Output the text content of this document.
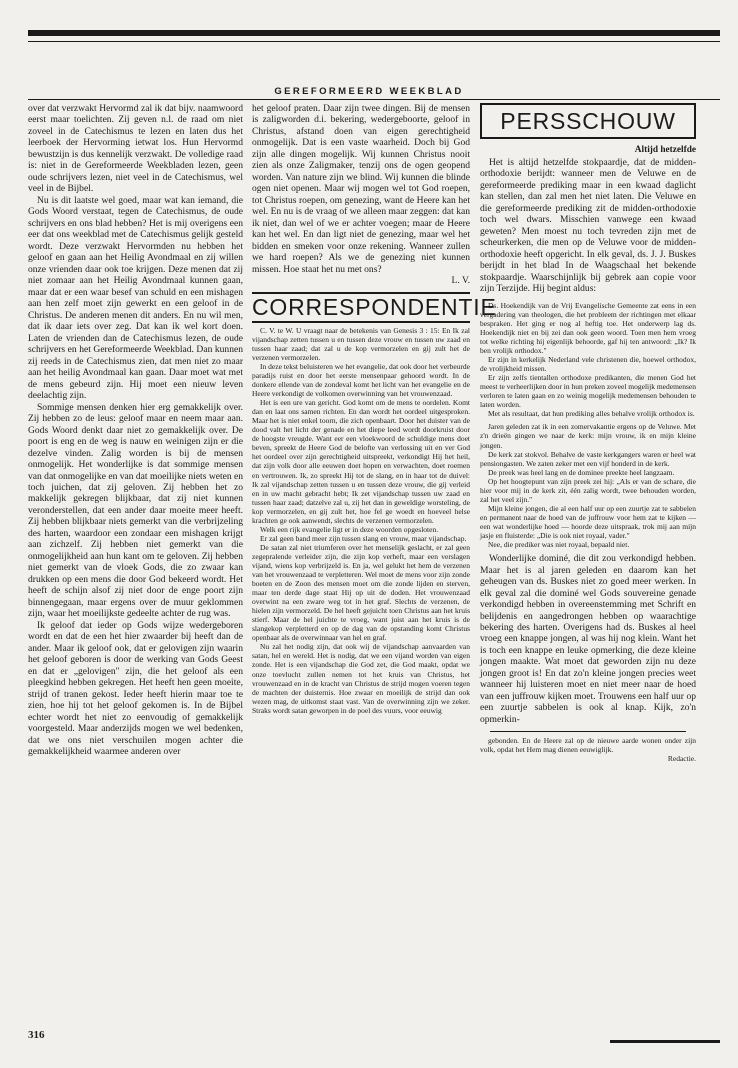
GEREFORMEERD WEEKBLAD

over dat verzwakt Hervormd zal ik dat bijv. naamwoord eerst maar toelichten. Zij geven n.l. de raad om niet zoveel in de Catechismus te lezen en laten dus het leerboek der Hervorming ietwat los. Hun Hervormd bewustzijn is dus kennelijk verzwakt. De volledige raad is: niet in de Gereformeerde Weekbladen lezen, geen oude schrijvers lezen, niet veel in de Catechismus, wel veel in de Bijbel.

Nu is dit laatste wel goed, maar wat kan iemand, die Gods Woord verstaat, tegen de Catechismus, de oude schrijvers en ons blad hebben? Het is mij overigens een eer dat ons weekblad met de Catechismus gelijk gesteld wordt. Deze verzwakt Hervormden nu hebben het geloof en gaan aan het Heilig Avondmaal en zij willen onze vrienden daar ook toe krijgen. Deze menen dat zij niet zomaar aan het Heilig Avondmaal kunnen gaan, maar dat er een waar besef van schuld en een mishagen aan hen zelf moet zijn gewerkt en een geloof in de Christus. De anderen menen dit anders. En nu wil men, dat ik daar iets over zeg. Dat kan ik wel kort doen. Laten de vrienden dan de Catechismus lezen, de oude schrijvers en het Gereformeerde Weekblad. Dan kunnen zij reeds in de Catechismus zien, dat men niet zo maar aan het heilig Avondmaal kan gaan. Daar moet wat met de mens gebeurd zijn. Hij moet een nieuw leven deelachtig zijn.

Sommige mensen denken hier erg gemakkelijk over. Zij hebben zo de leus: geloof maar en neem maar aan. Gods Woord denkt daar niet zo gemakkelijk over. De poort is eng en de weg is nauw en weinigen zijn er die dezelve vinden. Zalig worden is bij de mensen onmogelijk. Het wonderlijke is dat sommige mensen van dat onmogelijke en van dat moeilijke niets weten en toch juichen, dat zij geloven. Zij hebben het zo makkelijk gekregen blijkbaar, dat zij niet kunnen veronderstellen, dat een ander daar moeite meer heeft. Zij hebben blijkbaar niets gemerkt van die verbrijzeling des harten, waardoor een zondaar een mishagen krijgt aan zichzelf. Zij hebben niet gemerkt van die onmogelijkheid aan hun kant om te geloven. Zij hebben niet gemerkt van de vloek Gods, die zo zwaar kan drukken op een mens die door God bekeerd wordt. Het heeft de schijn alsof zij niet door de enge poort zijn binnengegaan, maar ergens over de muur geklommen zijn, waar het moeilijkste gedeelte achter de rug was.

Ik geloof dat ieder op Gods wijze wedergeboren wordt en dat de een het hier zwaarder bij heeft dan de ander. Maar ik geloof ook, dat er gelovigen zijn waarin het geloof geboren is door de werking van Gods Geest en dat er „gelovigen" zijn, die het geloof als een pleegkind hebben gekregen. Het heeft hen geen moeite, strijd of tranen gekost. Ieder heeft hierin maar toe te zien, hoe hij tot het geloof gekomen is. In de Bijbel echter wordt het niet zo eenvoudig of gemakkelijk voorgesteld. Maar anderzijds mogen we wel bedenken, dat we ons niet verschuilen mogen achter die gemakkelijkheid waarmee anderen over

het geloof praten. Daar zijn twee dingen. Bij de mensen is zaligworden d.i. bekering, wedergeboorte, geloof in Christus, afstand doen van eigen gerechtigheid onmogelijk. Dat is een vaste waarheid. Doch bij God zijn alle dingen mogelijk. Wij kunnen Christus nooit zien als onze Zaligmaker, tenzij ons de ogen geopend worden. Van nature zijn we blind. Wij kunnen die blinde ogen niet openen. Maar wij mogen wel tot God roepen, tot Christus roepen, om genezing, want de Heere kan het wel. En nu is de vraag of we alleen maar zeggen: dat kan ik niet, dan wel of we er achter voegen; maar de Heere kan het wel. En dan ligt niet de genezing, maar wel het bidden en smeken voor onze rekening. Wanneer zullen we hard roepen? Als we de genezing niet kunnen missen. Hoe staat het nu met ons?

L. V.

CORRESPONDENTIE

C. V. te W. U vraagt naar de betekenis van Genesis 3 : 15: En Ik zal vijandschap zetten tussen u en tussen deze vrouw en tussen uw zaad en tussen haar zaad; dat zal u de kop vermorzelen en gij zult het de verzenen vermorzelen.

In deze tekst beluisteren we het evangelie, dat ook door het verbeurde paradijs ruist en door het eerste mensenpaar gehoord wordt. In de donkere ellende van de zondeval komt het licht van het evangelie en de Heere verkondigt de volkomen overwinning van het vrouwenzaad.

Het is een ure van gericht. God komt om de mens te oordelen. Komt dan en laat ons samen richten. En dan wordt het oordeel uitgesproken. Maar het is niet enkel toorn, die zich openbaart. Door het duister van de dood valt het licht der genade en het diepe leed wordt doorkruist door de hoogste vreugde. Want eer een vloekwoord de schuldige mens doet beven, spreekt de Heere God de belofte van verlossing uit en ver God het oordeel over zijn gerechtigheid uitspreekt, verkondigt Hij het heil, dat zijn volk door alle eeuwen doet hopen en verwachten, doet roemen en vertrouwen. Ik, zo spreekt Hij tot de slang, en in haar tot de duivel: Ik zal vijandschap zetten tussen u en tussen deze vrouw, die gij verleid en in uw macht gebracht hebt; Ik zet vijandschap tussen uw zaad en tussen haar zaad; datzelve zal u, zij het dan in geweldige worsteling, de kop vermorzelen, en gij zult het, hoe fel ge woedt en hoeveel helse krachten ge ook aanwendt, slechts de verzenen vermorzelen.

Welk een rijk evangelie ligt er in deze woorden opgesloten.

Er zal geen band meer zijn tussen slang en vrouw, maar vijandschap.

De satan zal niet triumferen over het menselijk geslacht, er zal geen zegepralende verleider zijn, die zijn kop verheft, maar een verslagen vijand, wiens kop verbrijzeld is. En ja, wel gelukt het hem de verzenen van het vrouwenzaad te verpletteren. Wel moet de mens voor zijn zonde boeten en de Zoon des mensen moet om die zonde lijden en sterven, maar ten derde dage staat Hij op uit de doden. Het vrouwenzaad overwint na een zware weg tot in het graf. Slechts de verzenen, de hielen zijn vermorzeld. De hel heeft gejuicht toen Christus aan het kruis stierf. Maar de hel juichte te vroeg, want juist aan het kruis is de slangekop verpletterd en op de dag van de opstanding komt Christus openbaar als de overwinnaar van hel en graf.

Nu zal het nodig zijn, dat ook wij de vijandschap aanvaarden van satan, hel en wereld. Het is nodig, dat we een vijand worden van eigen zonde. Het is een vijandschap die God zet, die God maakt, opdat we onze toevlucht zullen nemen tot het kruis van Christus, het vrouwenzaad en in de kracht van Christus de strijd mogen voeren tegen de machten der duisternis. Hoe zwaar en moeilijk de strijd dan ook wezen mag, de uitkomst staat vast. Van de overwinning zijn we zeker. Straks wordt satan geworpen in de poel des vuurs, voor eeuwig

PERSSCHOUW

Altijd hetzelfde

Het is altijd hetzelfde stokpaardje, dat de midden-orthodoxie berijdt: wanneer men de Veluwe en de gereformeerde prediking maar in een kwaad daglicht kan stellen, dan zal men het niet laten. Die Veluwe en die gereformeerde prediking zit de midden-orthodoxie toch wel dwars. Misschien vanwege een kwaad geweten? Men moest nu toch tevreden zijn met de scheurkerken, die men op de Veluwe voor de midden-orthodoxie heeft opgericht. In elk geval, ds. J. J. Buskes berijdt in het blad In de Waagschaal het bekende stokpaardje. Waarschijnlijk bij gebrek aan copie voor zijn Terzijde. Hij begint aldus:

Ds. Hoekendijk van de Vrij Evangelische Gemeente zat eens in een vergadering van theologen, die het probleem der richtingen met elkaar bespraken. Het ging er nog al heftig toe. Het onderwerp lag ds. Hoekendijk niet en bij zei dan ook geen woord. Toen men hem vroeg tot welke richting hij eigenlijk behoorde, gaf hij ten antwoord: „Ik? Ik ben vrolijk orthodox."

Er zijn in kerkelijk Nederland vele christenen die, hoewel orthodox, de vrolijkheid missen.

Er zijn zelfs tientallen orthodoxe predikanten, die menen God het meest te verheerlijken door in hun preken zoveel mogelijk medemensen verloren te laten gaan en zo weinig mogelijk medemensen behouden te laten worden.

Met als resultaat, dat hun prediking alles behalve vrolijk orthodox is.

Jaren geleden zat ik in een zomervakantie ergens op de Veluwe. Met z'n drieën gingen we naar de kerk: mijn vrouw, ik en mijn kleine jongen.

De kerk zat stokvol. Behalve de vaste kerkgangers waren er heel wat pensiongasten. We zaten zeker met een vijf honderd in de kerk.

De preek was heel lang en de dominee preekte heel langzaam.

Op het hoogtepunt van zijn preek zei hij: „Als er van de schare, die hier voor mij in de kerk zit, één zalig wordt, twee behouden worden, zal het veel zijn."

Mijn kleine jongen, die al een half uur op een zuurtje zat te sabbelen en permanent naar de hoed van de juffrouw voor hem zat te kijken — een wat wonderlijke hoed — hoorde deze uitspraak, trok mij aan mijn jasje en fluisterde: „Die is ook niet royaal, vader."

Nee, die prediker was niet royaal, bepaald niet.

Wonderlijke dominé, die dit zou verkondigd hebben. Maar het is al jaren geleden en daarom kan het geheugen van ds. Buskes niet zo goed meer werken. In elk geval zal die dominé wel Gods souvereine genade verkondigd hebben in overeenstemming met Schrift en belijdenis en aangedrongen hebben op waarachtige bekering des harten. Overigens had ds. Buskes al heel vroeg een knappe jongen, al was hij nog klein. Want het is toch een knappe en leuke opmerking, die deze kleine jongen maakte. Wat moet dat geworden zijn nu deze jongen groot is! En dat zo'n kleine jongen precies weet wanneer hij luisteren moet en niet meer naar de hoed van een juffrouw kijken moet. Trouwens een half uur op een zuurtje sabbelen is ook al knap. Kijk, zo'n opmerkin-

gebonden. En de Heere zal op de nieuwe aarde wonen onder zijn volk, opdat het Hem mag dienen eeuwiglijk.

Redactie.

316
